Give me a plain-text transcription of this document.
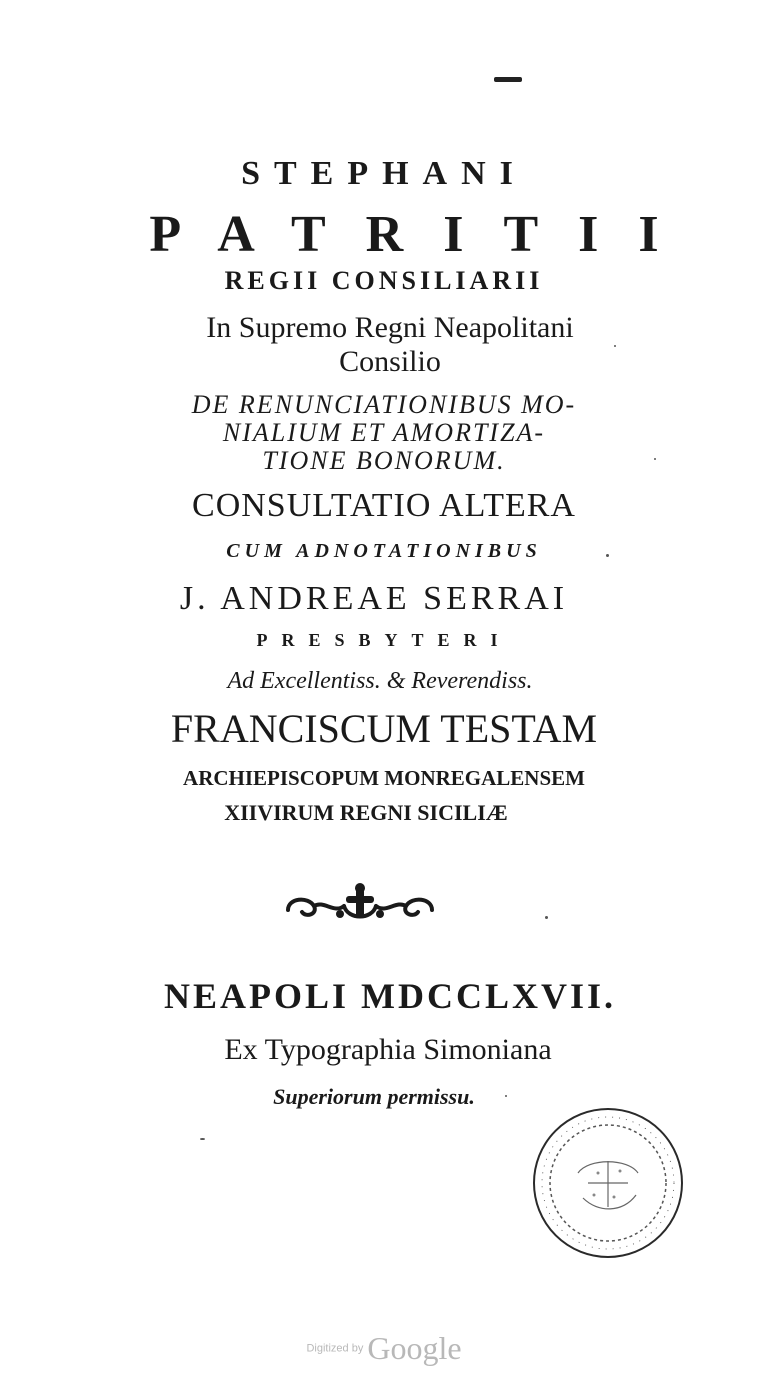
STEPHANI

PATRITII

REGII CONSILIARII

In Supremo Regni Neapolitani

Consilio

DE RENUNCIATIONIBUS MO-

NIALIUM ET AMORTIZA-

TIONE BONORUM.

CONSULTATIO ALTERA

CUM ADNOTATIONIBUS

J. ANDREAE SERRAI

PRESBYTERI

Ad Excellentiss. & Reverendiss.

FRANCISCUM TESTAM

ARCHIEPISCOPUM MONREGALENSEM

XIIVIRUM REGNI SICILIÆ

NEAPOLI MDCCLXVII.

Ex Typographia Simoniana

Superiorum permissu.

Digitized by Google
